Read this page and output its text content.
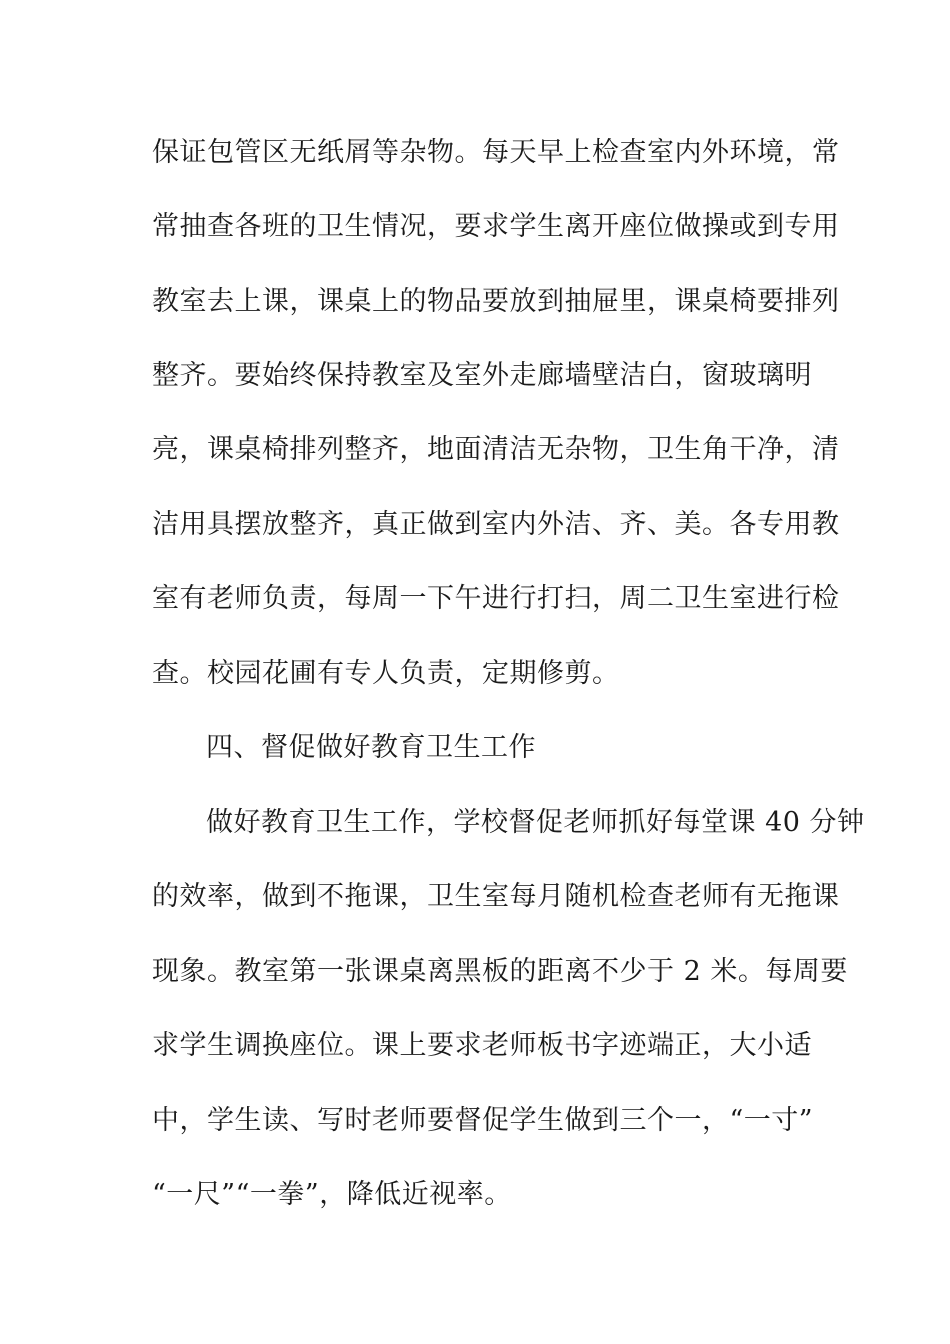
保证包管区无纸屑等杂物。每天早上检查室内外环境，常
常抽查各班的卫生情况，要求学生离开座位做操或到专用
教室去上课，课桌上的物品要放到抽屉里，课桌椅要排列
整齐。要始终保持教室及室外走廊墙壁洁白，窗玻璃明
亮，课桌椅排列整齐，地面清洁无杂物，卫生角干净，清
洁用具摆放整齐，真正做到室内外洁、齐、美。各专用教
室有老师负责，每周一下午进行打扫，周二卫生室进行检
查。校园花圃有专人负责，定期修剪。
四、督促做好教育卫生工作
做好教育卫生工作，学校督促老师抓好每堂课 40 分钟
的效率，做到不拖课，卫生室每月随机检查老师有无拖课
现象。教室第一张课桌离黑板的距离不少于 2 米。每周要
求学生调换座位。课上要求老师板书字迹端正，大小适
中，学生读、写时老师要督促学生做到三个一，“一寸”
“一尺”“一拳”，降低近视率。
